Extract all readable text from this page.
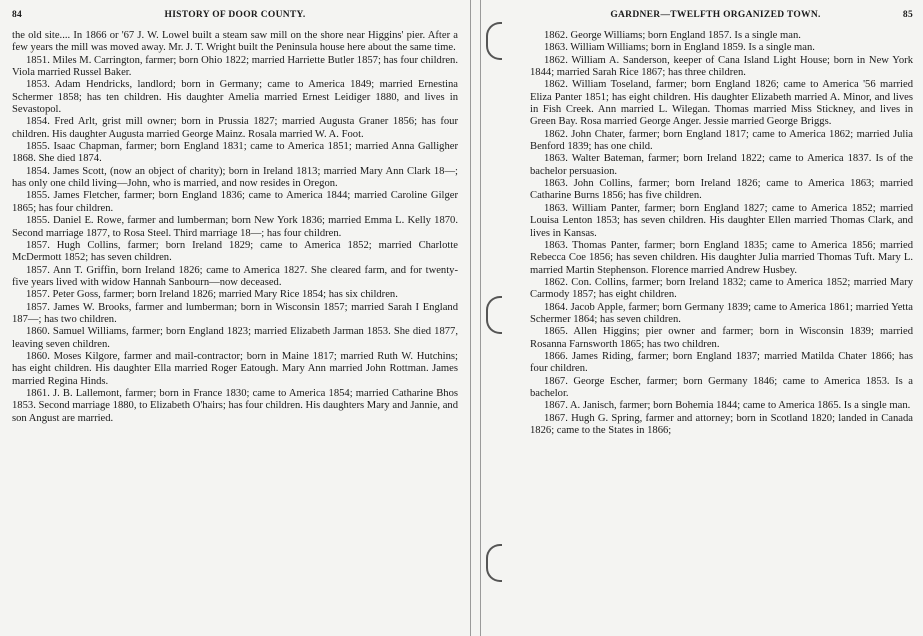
84	HISTORY OF DOOR COUNTY.

the old site.... In 1866 or '67 J. W. Lowel built a steam saw mill on the shore near Higgins' pier. After a few years the mill was moved away. Mr. J. T. Wright built the Peninsula house here about the same time.

1851. Miles M. Carrington, farmer; born Ohio 1822; married Harriette Butler 1857; has four children. Viola married Russel Baker.

1853. Adam Hendricks, landlord; born in Germany; came to America 1849; married Ernestina Schermer 1858; has ten children. His daughter Amelia married Ernest Leidiger 1880, and lives in Sevastopol.

1854. Fred Arlt, grist mill owner; born in Prussia 1827; married Augusta Graner 1856; has four children. His daughter Augusta married George Mainz. Rosala married W. A. Foot.

1855. Isaac Chapman, farmer; born England 1831; came to America 1851; married Anna Galligher 1868. She died 1874.

1854. James Scott, (now an object of charity); born in Ireland 1813; married Mary Ann Clark 18—; has only one child living—John, who is married, and now resides in Oregon.

1855. James Fletcher, farmer; born England 1836; came to America 1844; married Caroline Gilger 1865; has four children.

1855. Daniel E. Rowe, farmer and lumberman; born New York 1836; married Emma L. Kelly 1870. Second marriage 1877, to Rosa Steel. Third marriage 18—; has four children.

1857. Hugh Collins, farmer; born Ireland 1829; came to America 1852; married Charlotte McDermott 1852; has seven children.

1857. Ann T. Griffin, born Ireland 1826; came to America 1827. She cleared farm, and for twenty-five years lived with widow Hannah Sanbourn—now deceased.

1857. Peter Goss, farmer; born Ireland 1826; married Mary Rice 1854; has six children.

1857. James W. Brooks, farmer and lumberman; born in Wisconsin 1857; married Sarah I England 187—; has two children.

1860. Samuel Williams, farmer; born England 1823; married Elizabeth Jarman 1853. She died 1877, leaving seven children.

1860. Moses Kilgore, farmer and mail-contractor; born in Maine 1817; married Ruth W. Hutchins; has eight children. His daughter Ella married Roger Eatough. Mary Ann married John Rottman. James married Regina Hinds.

1861. J. B. Lallemont, farmer; born in France 1830; came to America 1854; married Catharine Bhos 1853. Second marriage 1880, to Elizabeth O'hairs; has four children. His daughters Mary and Jannie, and son Angust are married.

GARDNER—TWELFTH ORGANIZED TOWN.	85

1862. George Williams; born England 1857. Is a single man.

1863. William Williams; born in England 1859. Is a single man.

1862. William A. Sanderson, keeper of Cana Island Light House; born in New York 1844; married Sarah Rice 1867; has three children.

1862. William Toseland, farmer; born England 1826; came to America '56 married Eliza Panter 1851; has eight children. His daughter Elizabeth married A. Minor, and lives in Fish Creek. Ann married L. Wilegan. Thomas married Miss Stickney, and lives in Green Bay. Rosa married George Anger. Jessie married George Briggs.

1862. John Chater, farmer; born England 1817; came to America 1862; married Julia Benford 1839; has one child.

1863. Walter Bateman, farmer; born Ireland 1822; came to America 1837. Is of the bachelor persuasion.

1863. John Collins, farmer; born Ireland 1826; came to America 1863; married Catharine Burns 1856; has five children.

1863. William Panter, farmer; born England 1827; came to America 1852; married Louisa Lenton 1853; has seven children. His daughter Ellen married Thomas Clark, and lives in Kansas.

1863. Thomas Panter, farmer; born England 1835; came to America 1856; married Rebecca Coe 1856; has seven children. His daughter Julia married Thomas Tuft. Mary L. married Martin Stephenson. Florence married Andrew Husbey.

1862. Con. Collins, farmer; born Ireland 1832; came to America 1852; married Mary Carmody 1857; has eight children.

1864. Jacob Apple, farmer; born Germany 1839; came to America 1861; married Yetta Schermer 1864; has seven children.

1865. Allen Higgins; pier owner and farmer; born in Wisconsin 1839; married Rosanna Farnsworth 1865; has two children.

1866. James Riding, farmer; born England 1837; married Matilda Chater 1866; has four children.

1867. George Escher, farmer; born Germany 1846; came to America 1853. Is a bachelor.

1867. A. Janisch, farmer; born Bohemia 1844; came to America 1865. Is a single man.

1867. Hugh G. Spring, farmer and attorney; born in Scotland 1820; landed in Canada 1826; came to the States in 1866;
